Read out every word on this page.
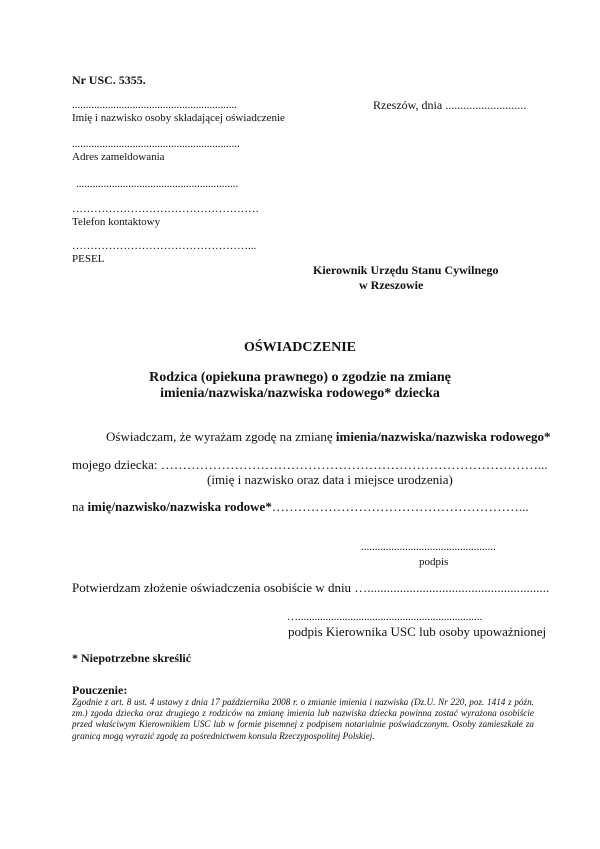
Nr USC. 5355.
Rzeszów, dnia ...........................
............................................................
Imię i nazwisko osoby składającej oświadczenie
.............................................................
Adres zameldowania
...........................................................
……………………………………………
Telefon kontaktowy
…………………………………………...
PESEL
Kierownik Urzędu Stanu Cywilnego
w Rzeszowie
OŚWIADCZENIE
Rodzica (opiekuna prawnego) o zgodzie na zmianę
imienia/nazwiska/nazwiska rodowego* dziecka
Oświadczam, że wyrażam zgodę na zmianę imienia/nazwiska/nazwiska rodowego*
mojego dziecka: ……………………………………………………………………………...
(imię i nazwisko oraz data i miejsce urodzenia)
na imię/nazwisko/nazwiska rodowe*…………………………………………………...
.................................................
podpis
Potwierdzam złożenie oświadczenia osobiście w dniu …........................................................
…...................................................................
podpis Kierownika USC lub osoby upoważnionej
* Niepotrzebne skreślić
Pouczenie:
Zgodnie z art. 8 ust. 4 ustawy z dnia 17 października 2008 r. o zmianie imienia i nazwiska (Dz.U. Nr 220, poz. 1414 z późn. zm.) zgoda dziecka oraz drugiego z rodziców na zmianę imienia lub nazwiska dziecka powinna zostać wyrażona osobiście przed właściwym Kierownikiem USC lub w formie pisemnej z podpisem notarialnie poświadczonym. Osoby zamieszkałe za granicą mogą wyrazić zgodę za pośrednictwem konsula Rzeczypospolitej Polskiej.
